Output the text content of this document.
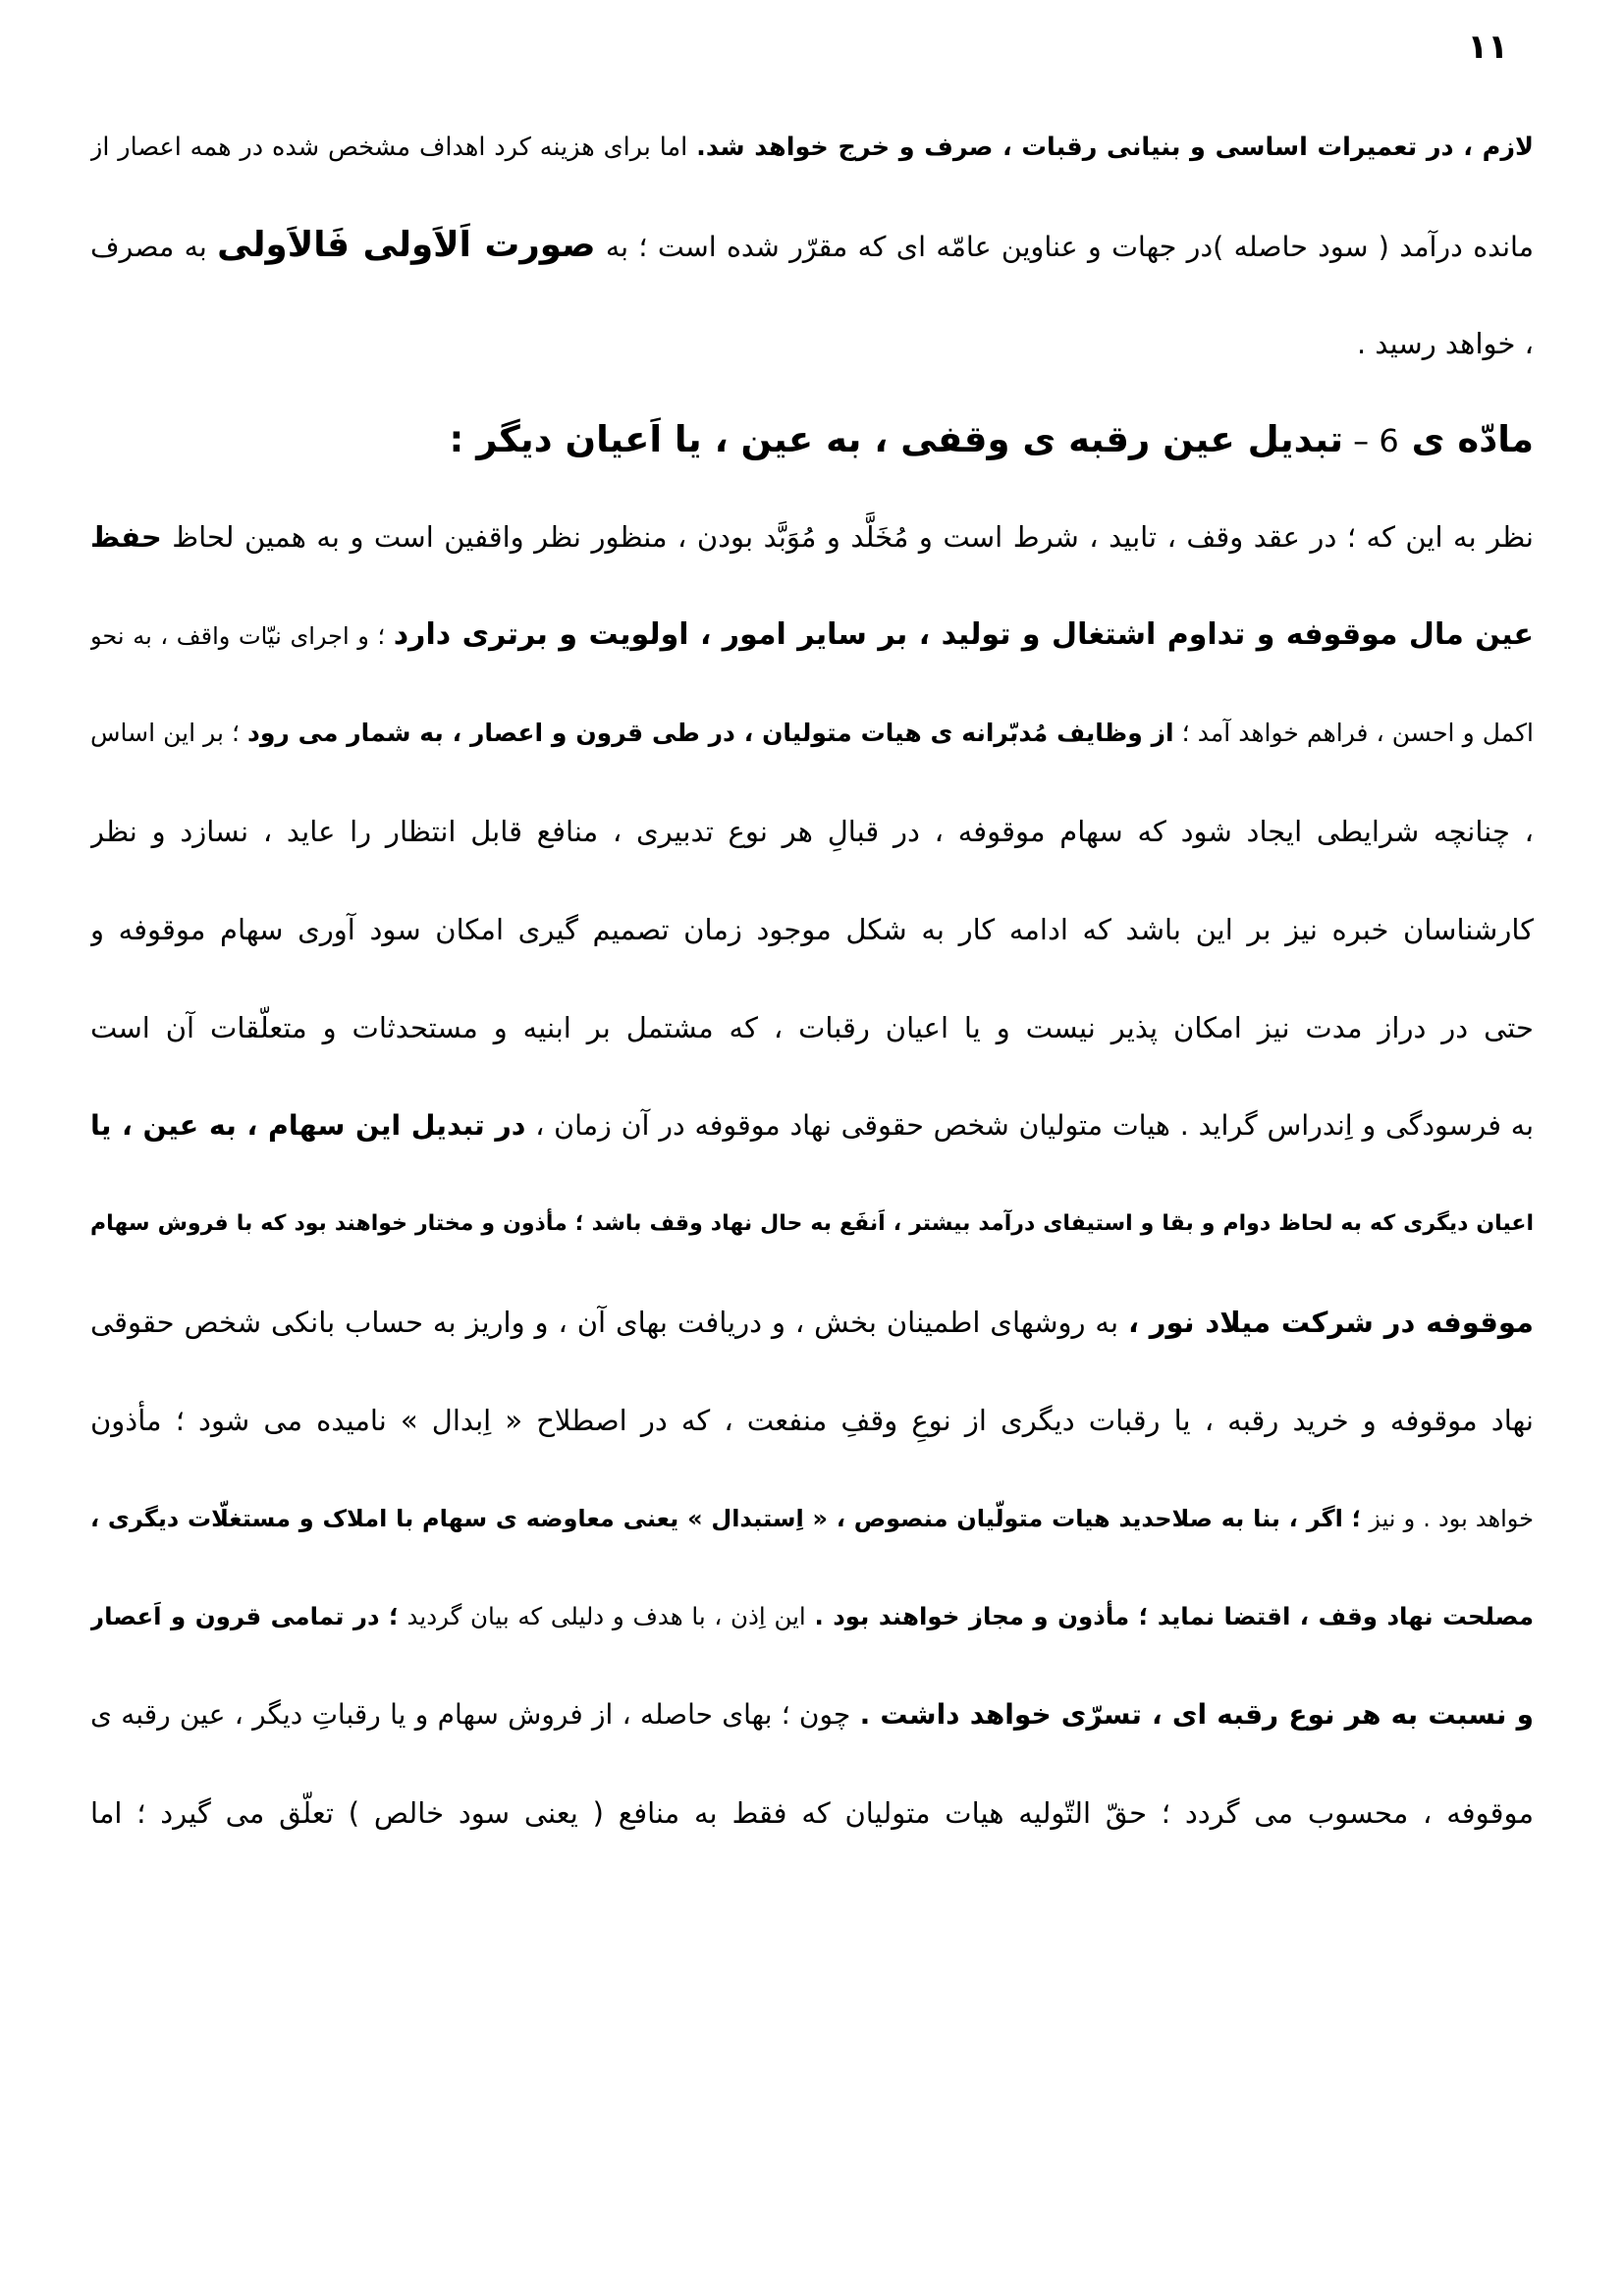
۱۱
لازم ، در تعمیرات اساسی و بنیانی رقبات ، صرف و خرج خواهد شد. اما برای هزینه کرد اهداف مشخص شده در همه اعصار از
مانده درآمد ( سود حاصله )در جهات و عناوین عامّه ای که مقرّر شده است ؛ به صورت اَلاَولی فَالاَولی به مصرف
، خواهد رسید .
مادّه ی 6 – تبدیل عین رقبه ی وقفی ، به عین ، یا اَعیان دیگر :
نظر به این که ؛ در عقد وقف ، تابید ، شرط است و مُخَلَّد و مُوَبَّد بودن ، منظور نظر واقفین است و به همین لحاظ حفظ
عین مال موقوفه و تداوم اشتغال و تولید ، بر سایر امور ، اولویت و برتری دارد ؛ و اجرای نیّات واقف ، به نحو
اکمل و احسن ، فراهم خواهد آمد ؛ از وظایف مُدبّرانه ی هیات متولیان ، در طی قرون و اعصار ، به شمار می رود ؛ بر این اساس
، چنانچه شرایطی ایجاد شود که سهام موقوفه ، در قبالِ هر نوع تدبیری ، منافع قابل انتظار را عاید ، نسازد و نظر
کارشناسان خبره نیز بر این باشد که ادامه کار به شکل موجود زمان تصمیم گیری امکان سود آوری سهام موقوفه و
حتی در دراز مدت نیز امکان پذیر نیست و یا اعیان رقبات ، که مشتمل بر ابنیه و مستحدثات و متعلّقات آن است
به فرسودگی و اِندراس گراید . هیات متولیان شخص حقوقی نهاد موقوفه در آن زمان ، در تبدیل این سهام ، به عین ، یا
اعیان دیگری که به لحاظ دوام و بقا و استیفای درآمد بیشتر ، اَنفَع به حال نهاد وقف باشد ؛ مأذون و مختار خواهند بود که با فروش سهام
موقوفه در شرکت میلاد نور ، به روشهای اطمینان بخش ، و دریافت بهای آن ، و واریز به حساب بانکی شخص حقوقی
نهاد موقوفه و خرید رقبه ، یا رقبات دیگری از نوعِ وقفِ منفعت ، که در اصطلاح « اِبدال » نامیده می شود ؛ مأذون
خواهد بود . و نیز ؛ اگر ، بنا به صلاحدید هیات متولّیان منصوص ، « اِستبدال » یعنی معاوضه ی سهام با املاک و مستغلّات دیگری ،
مصلحت نهاد وقف ، اقتضا نماید ؛ مأذون و مجاز خواهند بود . این اِذن ، با هدف و دلیلی که بیان گردید ؛ در تمامی قرون و اَعصار
و نسبت به هر نوع رقبه ای ، تسرّی خواهد داشت . چون ؛ بهای حاصله ، از فروش سهام و یا رقباتِ دیگر ، عین رقبه ی
موقوفه ، محسوب می گردد ؛ حقّ التّولیه هیات متولیان که فقط به منافع ( یعنی سود خالص ) تعلّق می گیرد ؛ اما
